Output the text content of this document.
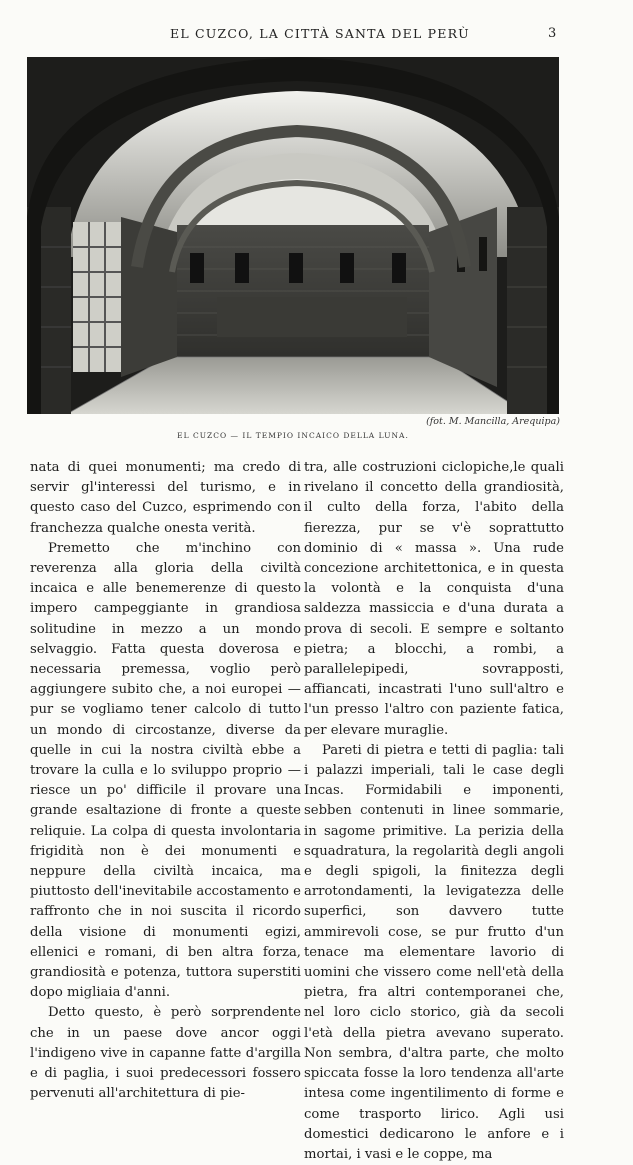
EL CUZCO, LA CITTÀ SANTA DEL PERÙ	3
(fot. M. Mancilla, Arequipa)
EL CUZCO — IL TEMPIO INCAICO DELLA LUNA.

nata di quei monumenti; ma credo di servir gl'interessi del turismo, e in questo caso del Cuzco, esprimendo con franchezza qualche onesta verità.

Premetto che m'inchino con reverenza alla gloria della civiltà incaica e alle benemerenze di questo impero campeggiante in grandiosa solitudine in mezzo a un mondo selvaggio. Fatta questa doverosa e necessaria premessa, voglio però aggiungere subito che, a noi europei — pur se vogliamo tener calcolo di tutto un mondo di circostanze, diverse da quelle in cui la nostra civiltà ebbe a trovare la culla e lo sviluppo proprio — riesce un po' difficile il provare una grande esaltazione di fronte a queste reliquie. La colpa di questa involontaria frigidità non è dei monumenti e neppure della civiltà incaica, ma piuttosto dell'inevitabile accostamento e raffronto che in noi suscita il ricordo della visione di monumenti egizi, ellenici e romani, di ben altra forza, grandiosità e potenza, tuttora superstiti dopo migliaia d'anni.

Detto questo, è però sorprendente che in un paese dove ancor oggi l'indigeno vive in capanne fatte d'argilla e di paglia, i suoi predecessori fossero pervenuti all'architettura di pie-

tra, alle costruzioni ciclopiche,le quali rivelano il concetto della grandiosità, il culto della forza, l'abito della fierezza, pur se v'è soprattutto dominio di « massa ». Una rude concezione architettonica, e in questa la volontà e la conquista d'una saldezza massiccia e d'una durata a prova di secoli. E sempre e soltanto pietra; a blocchi, a rombi, a parallelepipedi, sovrapposti, affiancati, incastrati l'uno sull'altro e l'un presso l'altro con paziente fatica, per elevare muraglie.

Pareti di pietra e tetti di paglia: tali i palazzi imperiali, tali le case degli Incas. Formidabili e imponenti, sebben contenuti in linee sommarie, in sagome primitive. La perizia della squadratura, la regolarità degli angoli e degli spigoli, la finitezza degli arrotondamenti, la levigatezza delle superfici, son davvero tutte ammirevoli cose, se pur frutto d'un tenace ma elementare lavorio di uomini che vissero come nell'età della pietra, fra altri contemporanei che, nel loro ciclo storico, già da secoli l'età della pietra avevano superato. Non sembra, d'altra parte, che molto spiccata fosse la loro tendenza all'arte intesa come ingentilimento di forme e come trasporto lirico. Agli usi domestici dedicarono le anfore e i mortai, i vasi e le coppe, ma
